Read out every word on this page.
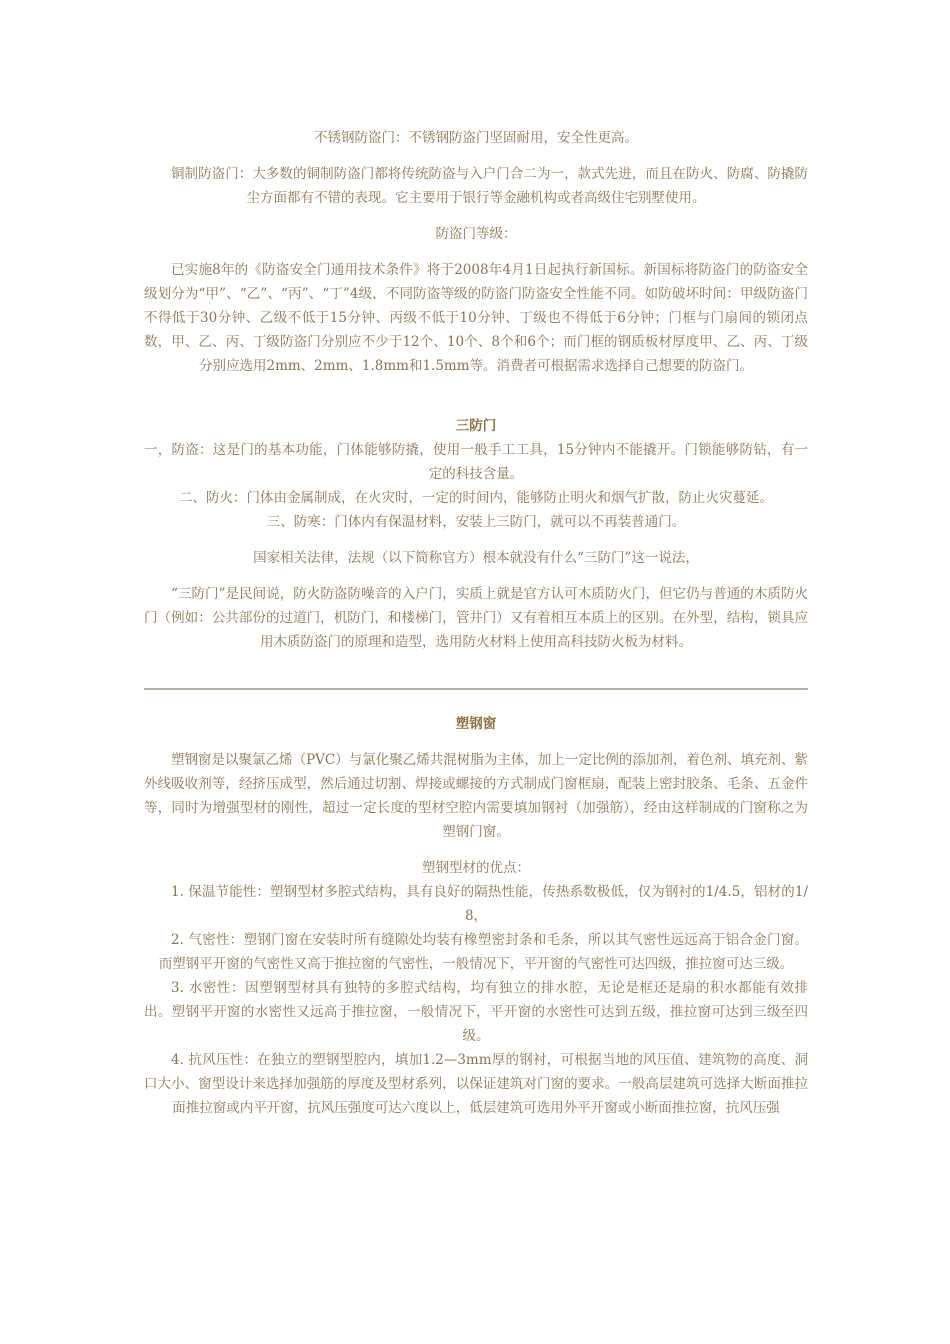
不锈钢防盗门：不锈钢防盗门坚固耐用，安全性更高。

铜制防盗门：大多数的铜制防盗门都将传统防盗与入户门合二为一，款式先进，而且在防火、防腐、防撬防尘方面都有不错的表现。它主要用于银行等金融机构或者高级住宅别墅使用。

防盗门等级：

已实施8年的《防盗安全门通用技术条件》将于2008年4月1日起执行新国标。新国标将防盗门的防盗安全级划分为“甲”、“乙”、“丙”、“丁”4级，不同防盗等级的防盗门防盗安全性能不同。如防破坏时间：甲级防盗门不得低于30分钟、乙级不低于15分钟、丙级不低于10分钟、丁级也不得低于6分钟；门框与门扇间的锁闭点数，甲、乙、丙、丁级防盗门分别应不少于12个、10个、8个和6个；而门框的钢质板材厚度甲、乙、丙、丁级分别应选用2mm、2mm、1.8mm和1.5mm等。消费者可根据需求选择自己想要的防盗门。

三防门

一，防盗：这是门的基本功能，门体能够防撬，使用一般手工工具，15分钟内不能撬开。门锁能够防钻，有一定的科技含量。

二、防火：门体由金属制成，在火灾时，一定的时间内，能够防止明火和烟气扩散，防止火灾蔓延。

三、防寒：门体内有保温材料，安装上三防门，就可以不再装普通门。

国家相关法律，法规（以下简称官方）根本就没有什么“三防门”这一说法，

“三防门”是民间说，防火防盗防噪音的入户门，实质上就是官方认可木质防火门，但它仍与普通的木质防火门（例如：公共部份的过道门，机防门，和楼梯门，管井门）又有着相互本质上的区别。在外型，结构，锁具应用木质防盗门的原理和造型，选用防火材料上使用高科技防火板为材料。

塑钢窗

塑钢窗是以聚氯乙烯（PVC）与氯化聚乙烯共混树脂为主体，加上一定比例的添加剂，着色剂、填充剂、紫外线吸收剂等，经挤压成型，然后通过切割、焊接或螺接的方式制成门窗框扇，配装上密封胶条、毛条、五金件等，同时为增强型材的刚性，超过一定长度的型材空腔内需要填加钢衬（加强筋），经由这样制成的门窗称之为塑钢门窗。

塑钢型材的优点：

1. 保温节能性：塑钢型材多腔式结构，具有良好的隔热性能，传热系数极低，仅为钢衬的1/4.5，铝材的1/8，

2. 气密性：塑钢门窗在安装时所有缝隙处均装有橡塑密封条和毛条，所以其气密性远远高于铝合金门窗。而塑钢平开窗的气密性又高于推拉窗的气密性，一般情况下，平开窗的气密性可达四级，推拉窗可达三级。

3. 水密性：因塑钢型材具有独特的多腔式结构，均有独立的排水腔，无论是框还是扇的积水都能有效排出。塑钢平开窗的水密性又远高于推拉窗，一般情况下，平开窗的水密性可达到五级，推拉窗可达到三级至四级。

4. 抗风压性：在独立的塑钢型腔内，填加1.2—3mm厚的钢衬，可根据当地的风压值、建筑物的高度、洞口大小、窗型设计来选择加强筋的厚度及型材系列，以保证建筑对门窗的要求。一般高层建筑可选择大断面推拉面推拉窗或内平开窗，抗风压强度可达六度以上，低层建筑可选用外平开窗或小断面推拉窗，抗风压强
